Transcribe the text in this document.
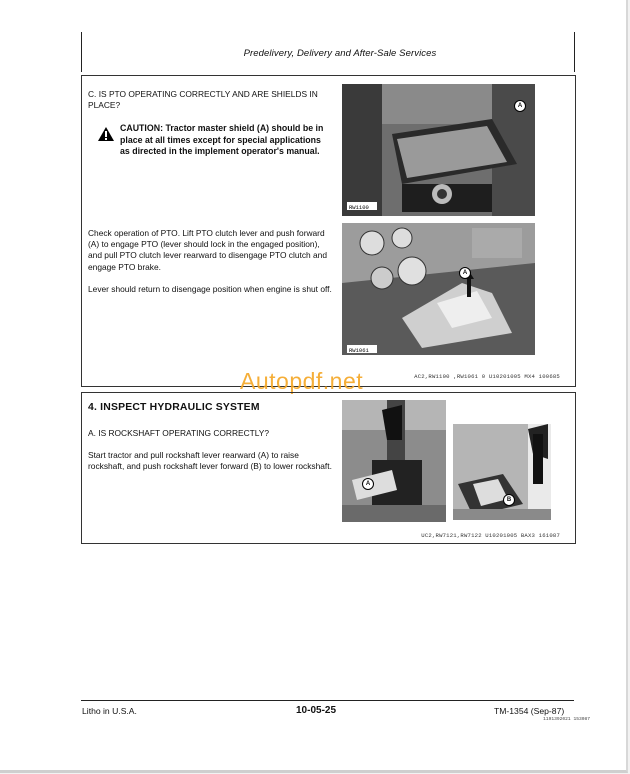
Predelivery, Delivery and After-Sale Services
C. IS PTO OPERATING CORRECTLY AND ARE SHIELDS IN PLACE?
CAUTION: Tractor master shield (A) should be in place at all times except for special applications as directed in the implement operator's manual.
Check operation of PTO. Lift PTO clutch lever and push forward (A) to engage PTO (lever should lock in the engaged position), and pull PTO clutch lever rearward to disengage PTO clutch and engage PTO brake.
Lever should return to disengage position when engine is shut off.
RW1100
A
RW1061
A
AC2,RW1100 ,RW1061 0 U10201005 MX4 100685
Autopdf.net
4. INSPECT HYDRAULIC SYSTEM
A. IS ROCKSHAFT OPERATING CORRECTLY?
Start tractor and pull rockshaft lever rearward (A) to raise rockshaft, and push rockshaft lever forward (B) to lower rockshaft.
A
B
UC2,RW7121,RW7122 U10201005 BAX3 161087
Litho in U.S.A.	10-05-25	TM-1354 (Sep-87)
1191392021 153087
